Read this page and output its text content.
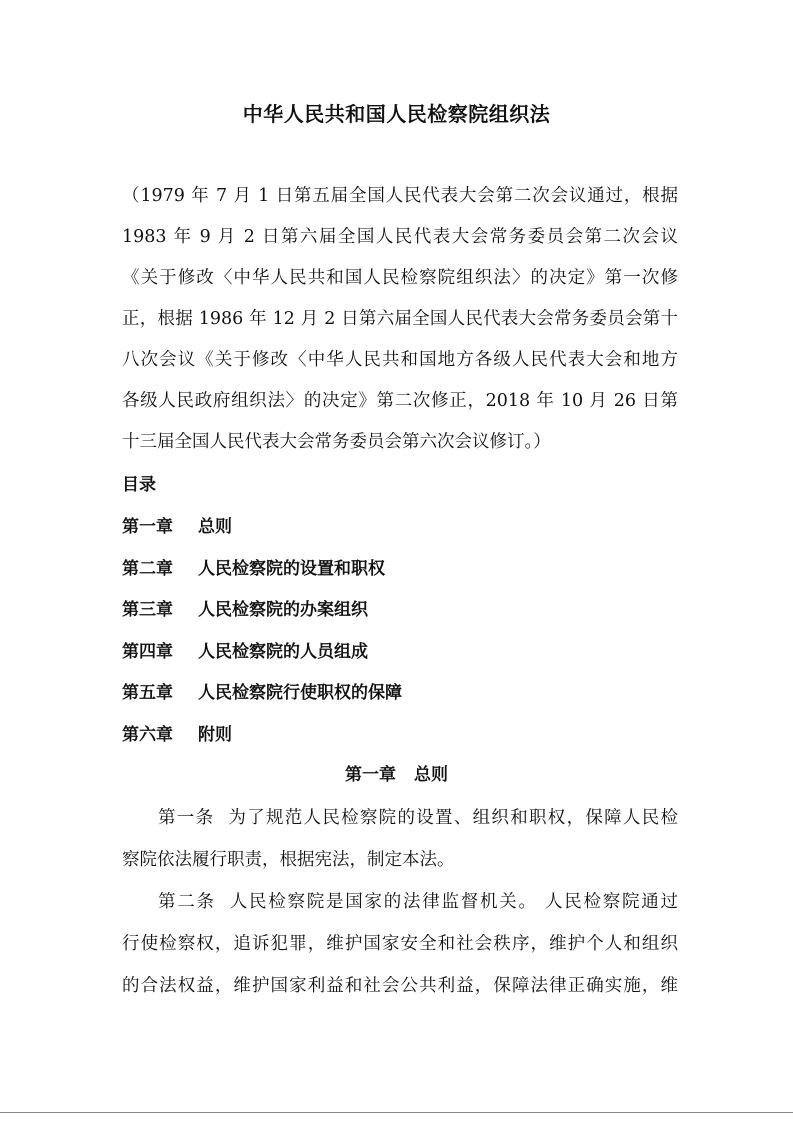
中华人民共和国人民检察院组织法
（1979 年 7 月 1 日第五届全国人民代表大会第二次会议通过，根据
1983 年 9 月 2 日第六届全国人民代表大会常务委员会第二次会议
《关于修改〈中华人民共和国人民检察院组织法〉的决定》第一次修
正，根据 1986 年 12 月 2 日第六届全国人民代表大会常务委员会第十
八次会议《关于修改〈中华人民共和国地方各级人民代表大会和地方
各级人民政府组织法〉的决定》第二次修正，2018 年 10 月 26 日第
十三届全国人民代表大会常务委员会第六次会议修订。）
目录
第一章 总则
第二章 人民检察院的设置和职权
第三章 人民检察院的办案组织
第四章 人民检察院的人员组成
第五章 人民检察院行使职权的保障
第六章 附则
第一章 总则
第一条 为了规范人民检察院的设置、组织和职权，保障人民检
察院依法履行职责，根据宪法，制定本法。
第二条 人民检察院是国家的法律监督机关。 人民检察院通过
行使检察权，追诉犯罪，维护国家安全和社会秩序，维护个人和组织
的合法权益，维护国家利益和社会公共利益，保障法律正确实施，维
